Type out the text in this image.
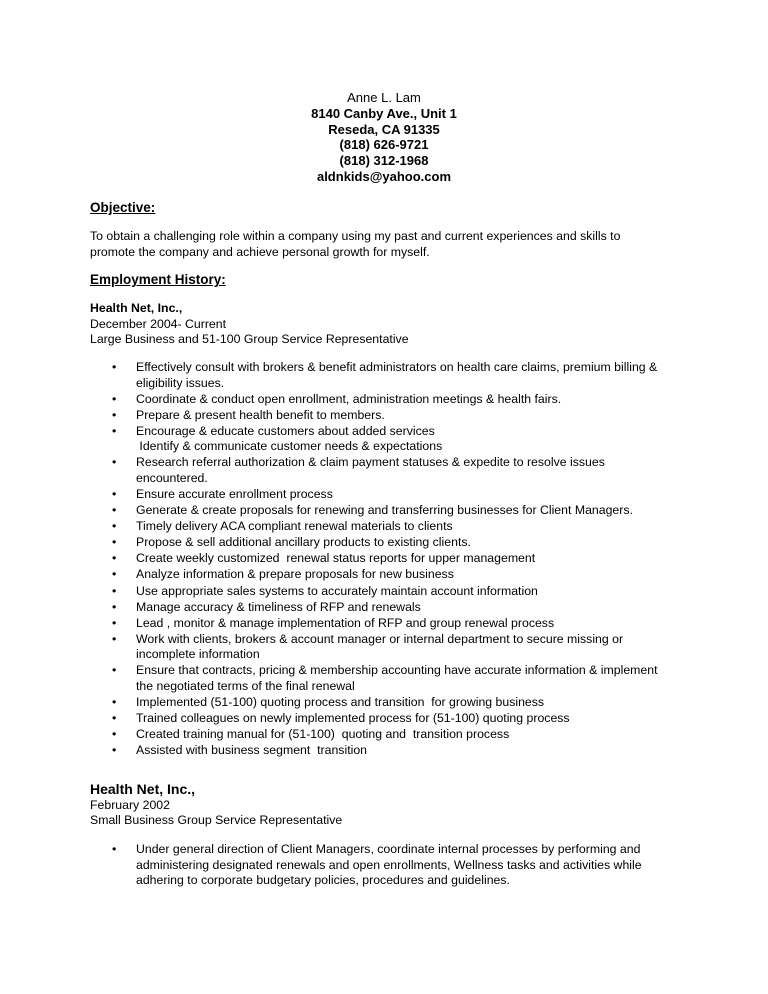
Anne L. Lam
8140 Canby Ave., Unit 1
Reseda, CA 91335
(818) 626-9721
(818) 312-1968
aldnkids@yahoo.com
Objective:
To obtain a challenging role within a company using my past and current experiences and skills to
promote the company and achieve personal growth for myself.
Employment History:
Health Net, Inc.,
December 2004- Current
Large Business and 51-100 Group Service Representative
• Effectively consult with brokers & benefit administrators on health care claims, premium billing &
eligibility issues.
• Coordinate & conduct open enrollment, administration meetings & health fairs.
• Prepare & present health benefit to members.
• Encourage & educate customers about added services
Identify & communicate customer needs & expectations
• Research referral authorization & claim payment statuses & expedite to resolve issues
encountered.
• Ensure accurate enrollment process
• Generate & create proposals for renewing and transferring businesses for Client Managers.
• Timely delivery ACA compliant renewal materials to clients
• Propose & sell additional ancillary products to existing clients.
• Create weekly customized  renewal status reports for upper management
• Analyze information & prepare proposals for new business
• Use appropriate sales systems to accurately maintain account information
• Manage accuracy & timeliness of RFP and renewals
• Lead , monitor & manage implementation of RFP and group renewal process
• Work with clients, brokers & account manager or internal department to secure missing or
incomplete information
• Ensure that contracts, pricing & membership accounting have accurate information & implement
the negotiated terms of the final renewal
• Implemented (51-100) quoting process and transition  for growing business
• Trained colleagues on newly implemented process for (51-100) quoting process
• Created training manual for (51-100)  quoting and  transition process
• Assisted with business segment  transition
Health Net, Inc.,
February 2002
Small Business Group Service Representative
• Under general direction of Client Managers, coordinate internal processes by performing and
administering designated renewals and open enrollments, Wellness tasks and activities while
adhering to corporate budgetary policies, procedures and guidelines.
